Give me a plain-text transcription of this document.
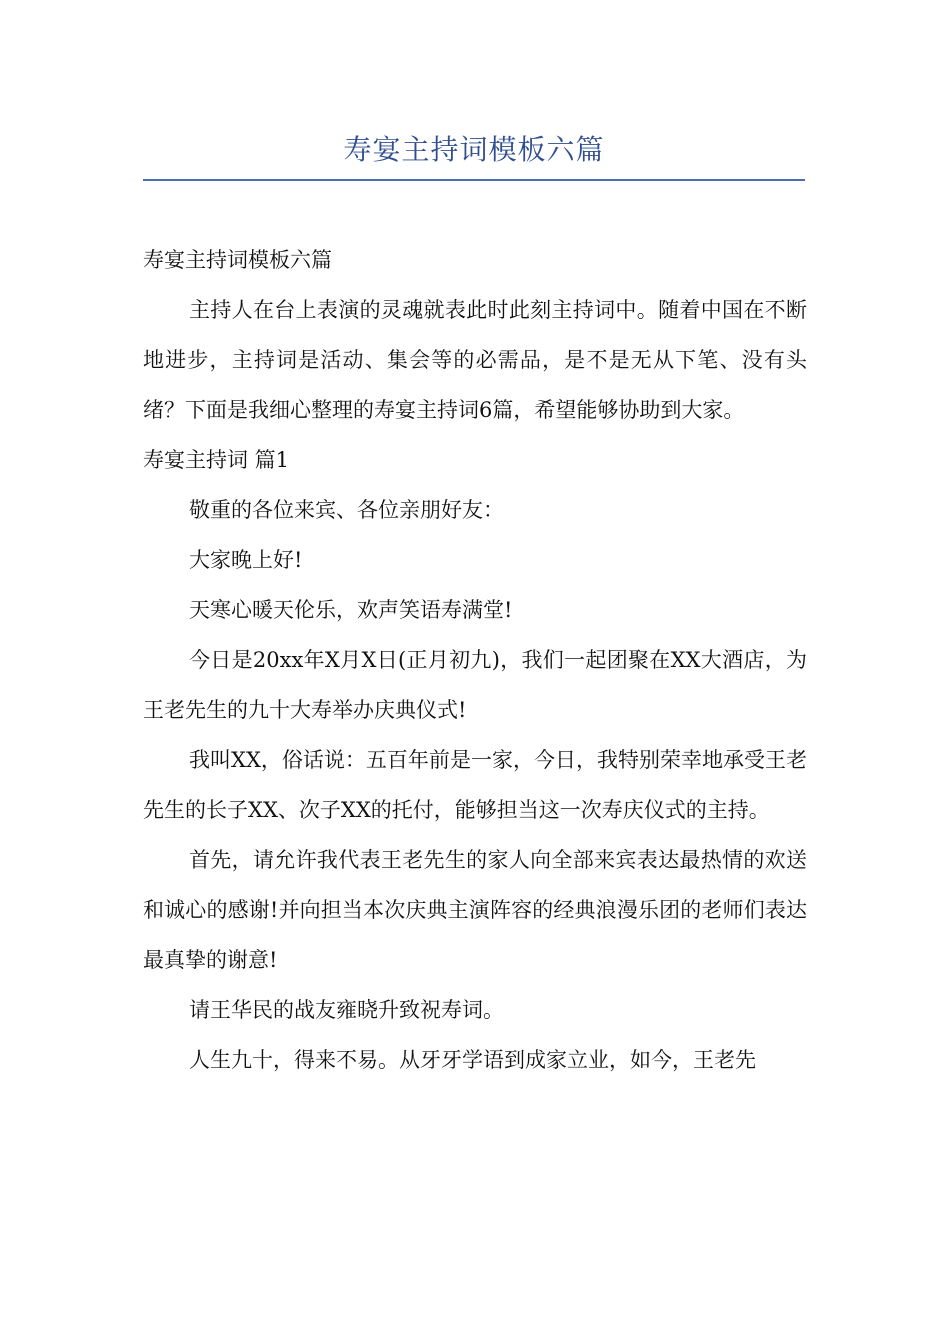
寿宴主持词模板六篇

寿宴主持词模板六篇

主持人在台上表演的灵魂就表此时此刻主持词中。随着中国在不断地进步，主持词是活动、集会等的必需品，是不是无从下笔、没有头绪？下面是我细心整理的寿宴主持词6篇，希望能够协助到大家。

寿宴主持词 篇1

敬重的各位来宾、各位亲朋好友：

大家晚上好!

天寒心暖天伦乐，欢声笑语寿满堂!

今日是20xx年X月X日(正月初九)，我们一起团聚在XX大酒店，为王老先生的九十大寿举办庆典仪式!

我叫XX，俗话说：五百年前是一家，今日，我特别荣幸地承受王老先生的长子XX、次子XX的托付，能够担当这一次寿庆仪式的主持。

首先，请允许我代表王老先生的家人向全部来宾表达最热情的欢送和诚心的感谢!并向担当本次庆典主演阵容的经典浪漫乐团的老师们表达最真挚的谢意!

请王华民的战友雍晓升致祝寿词。

人生九十，得来不易。从牙牙学语到成家立业，如今，王老先
